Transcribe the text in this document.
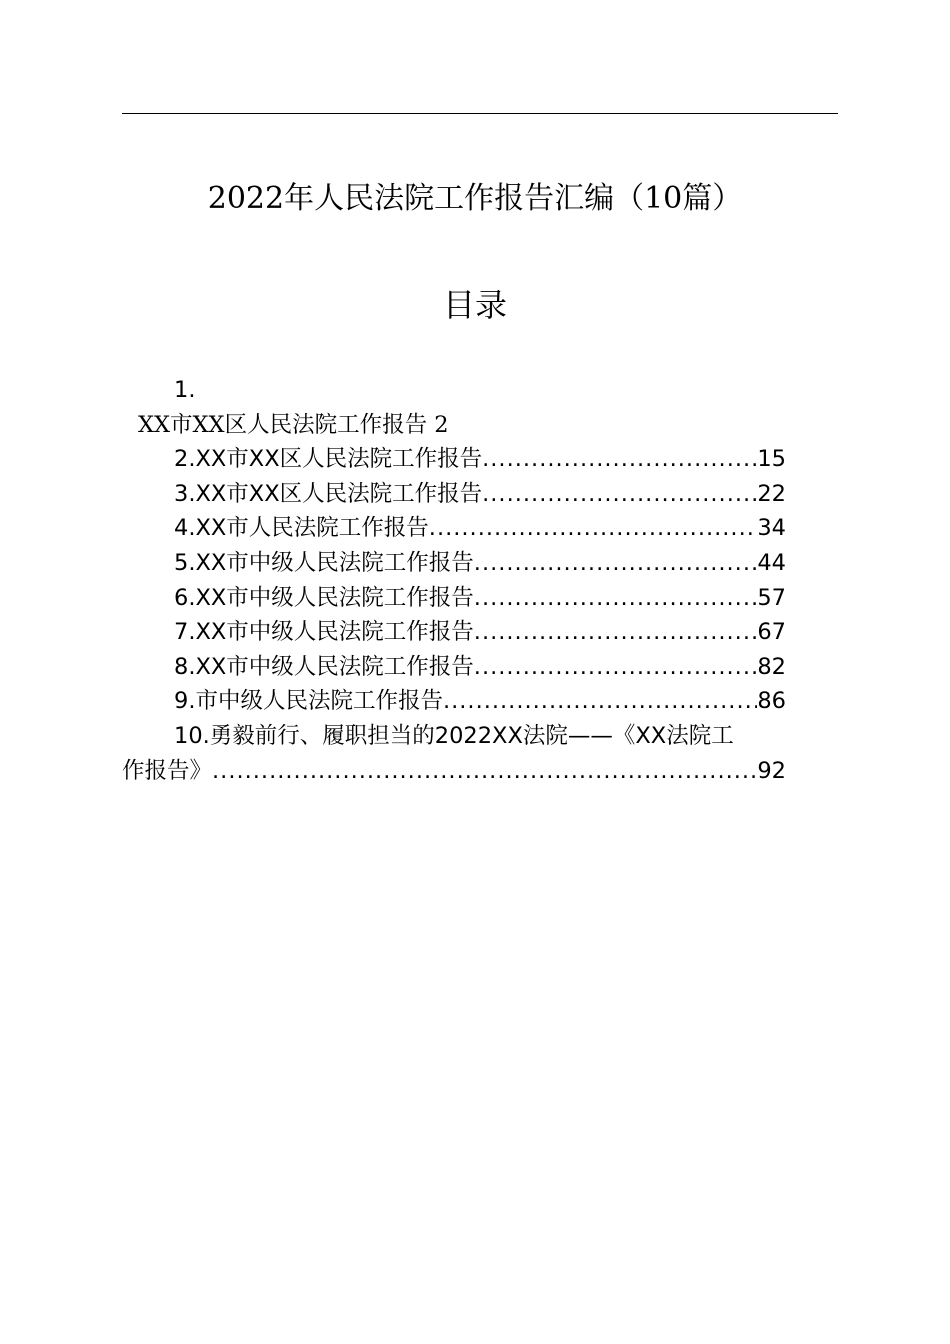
2022年人民法院工作报告汇编（10篇）
目录
1.
XX市XX区人民法院工作报告 2
2.XX市XX区人民法院工作报告 .....	15
3.XX市XX区人民法院工作报告 .....	22
4.XX市人民法院工作报告 .....	34
5.XX市中级人民法院工作报告 .....	44
6.XX市中级人民法院工作报告 .....	57
7.XX市中级人民法院工作报告 .....	67
8.XX市中级人民法院工作报告 .....	82
9.市中级人民法院工作报告 .....	86
10.勇毅前行、履职担当的2022XX法院——《XX法院工
作报告》 .....	92
